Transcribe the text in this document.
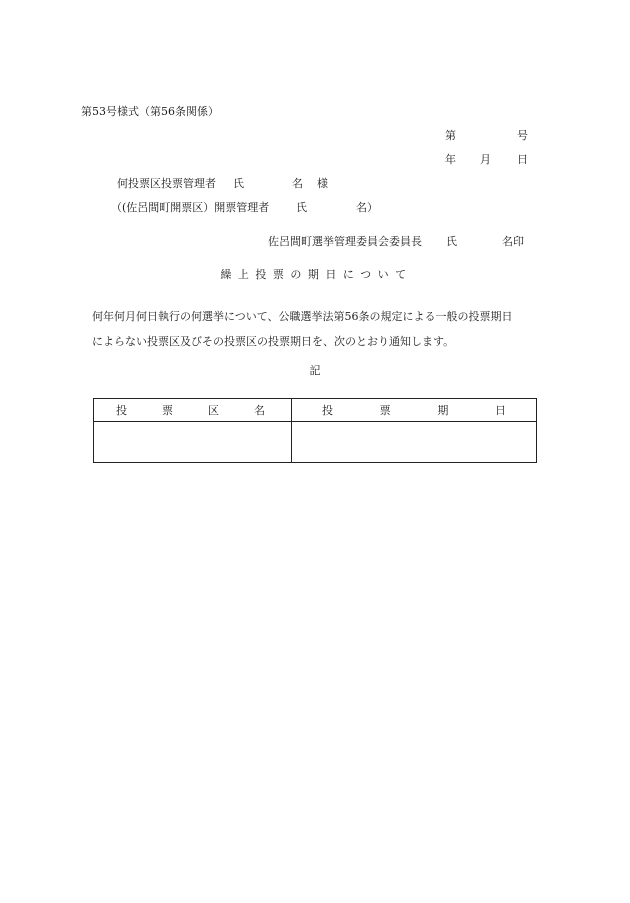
第53号様式（第56条関係）
第	号
年 月 日
何投票区投票管理者 氏	名 様
（(佐呂間町開票区）開票管理者 氏	名）
佐呂間町選挙管理委員会委員長 氏	名印
繰上投票の期日について
何年何月何日執行の何選挙について、公職選挙法第56条の規定による一般の投票期日
によらない投票区及びその投票区の投票期日を、次のとおり通知します。
記
投 票 区 名	投 票 期 日
